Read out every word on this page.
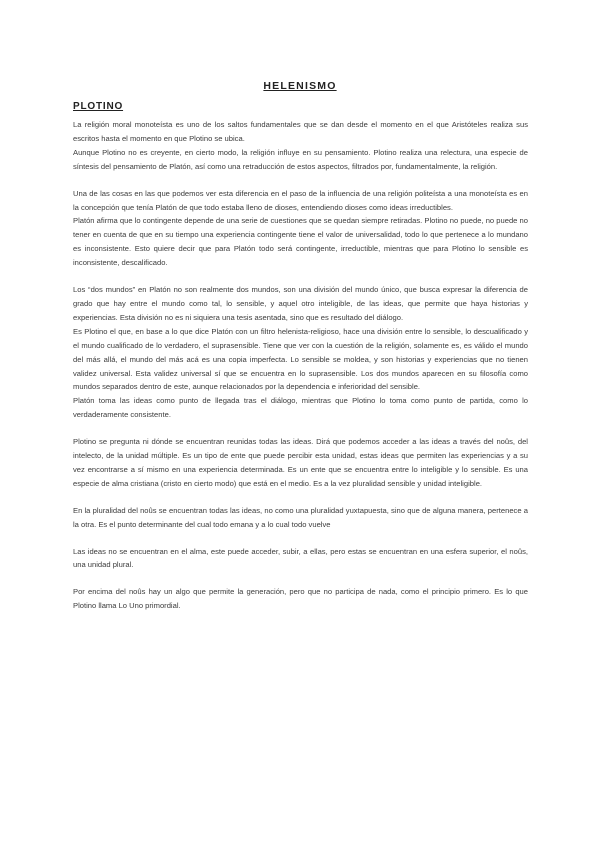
HELENISMO
PLOTINO

La religión moral monoteísta es uno de los saltos fundamentales que se dan desde el momento en el que Aristóteles realiza sus escritos hasta el momento en que Plotino se ubica.

Aunque Plotino no es creyente, en cierto modo, la religión influye en su pensamiento. Plotino realiza una relectura, una especie de síntesis del pensamiento de Platón, así como una retraducción de estos aspectos, filtrados por, fundamentalmente, la religión.

Una de las cosas en las que podemos ver esta diferencia en el paso de la influencia de una religión politeísta a una monoteísta es en la concepción que tenía Platón de que todo estaba lleno de dioses, entendiendo dioses como ideas irreductibles.

Platón afirma que lo contingente depende de una serie de cuestiones que se quedan siempre retiradas. Plotino no puede, no puede no tener en cuenta de que en su tiempo una experiencia contingente tiene el valor de universalidad, todo lo que pertenece a lo mundano es inconsistente. Esto quiere decir que para Platón todo será contingente, irreductible, mientras que para Plotino lo sensible es inconsistente, descalificado.

Los “dos mundos” en Platón no son realmente dos mundos, son una división del mundo único, que busca expresar la diferencia de grado que hay entre el mundo como tal, lo sensible, y aquel otro inteligible, de las ideas, que permite que haya historias y experiencias. Esta división no es ni siquiera una tesis asentada, sino que es resultado del diálogo.

Es Plotino el que, en base a lo que dice Platón con un filtro helenista-religioso, hace una división entre lo sensible, lo descualificado y el mundo cualificado de lo verdadero, el suprasensible. Tiene que ver con la cuestión de la religión, solamente es, es válido el mundo del más allá, el mundo del más acá es una copia imperfecta. Lo sensible se moldea, y son historias y experiencias que no tienen validez universal. Esta validez universal sí que se encuentra en lo suprasensible. Los dos mundos aparecen en su filosofía como mundos separados dentro de este, aunque relacionados por la dependencia e inferioridad del sensible.

Platón toma las ideas como punto de llegada tras el diálogo, mientras que Plotino lo toma como punto de partida, como lo verdaderamente consistente.

Plotino se pregunta ni dónde se encuentran reunidas todas las ideas. Dirá que podemos acceder a las ideas a través del noûs, del intelecto, de la unidad múltiple. Es un tipo de ente que puede percibir esta unidad, estas ideas que permiten las experiencias y a su vez encontrarse a sí mismo en una experiencia determinada. Es un ente que se encuentra entre lo inteligible y lo sensible. Es una especie de alma cristiana (cristo en cierto modo) que está en el medio. Es a la vez pluralidad sensible y unidad inteligible.

En la pluralidad del noûs se encuentran todas las ideas, no como una pluralidad yuxtapuesta, sino que de alguna manera, pertenece a la otra. Es el punto determinante del cual todo emana y a lo cual todo vuelve

Las ideas no se encuentran en el alma, este puede acceder, subir, a ellas, pero estas se encuentran en una esfera superior, el noûs, una unidad plural.

Por encima del noûs hay un algo que permite la generación, pero que no participa de nada, como el principio primero. Es lo que Plotino llama Lo Uno primordial.
